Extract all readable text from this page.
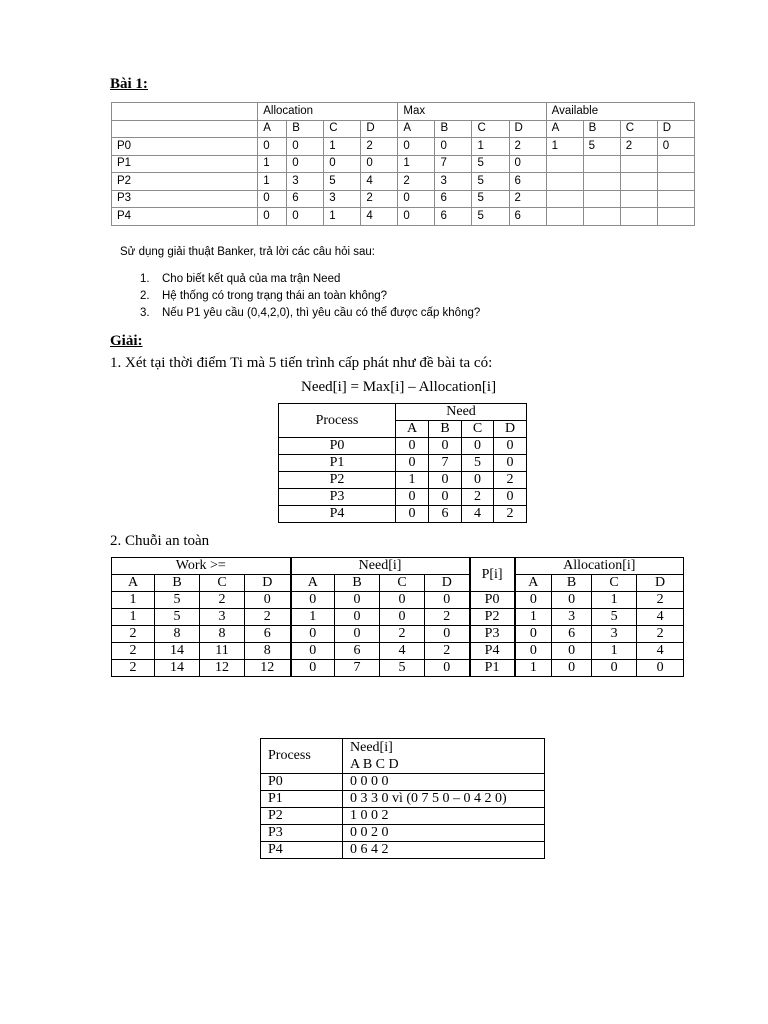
Bài 1:
	Allocation				Max				Available			
	A	B	C	D	A	B	C	D	A	B	C	D
P0	0	0	1	2	0	0	1	2	1	5	2	0
P1	1	0	0	0	1	7	5	0				
P2	1	3	5	4	2	3	5	6				
P3	0	6	3	2	0	6	5	2				
P4	0	0	1	4	0	6	5	6				
Sử dụng giải thuật Banker, trả lời các câu hỏi sau:
1. Cho biết kết quả của ma trận Need
2. Hệ thống có trong trạng thái an toàn không?
3. Nếu P1 yêu cầu (0,4,2,0), thì yêu cầu có thể được cấp không?
Giải:
1. Xét tại thời điểm Ti mà 5 tiến trình cấp phát như đề bài ta có:
Need[i] = Max[i] – Allocation[i]
Process	Need			
	A	B	C	D
P0	0	0	0	0
P1	0	7	5	0
P2	1	0	0	2
P3	0	0	2	0
P4	0	6	4	2
2. Chuỗi an toàn
Work >=				Need[i]				P[i]	Allocation[i]			
A	B	C	D	A	B	C	D		A	B	C	D
1	5	2	0	0	0	0	0	P0	0	0	1	2
1	5	3	2	1	0	0	2	P2	1	3	5	4
2	8	8	6	0	0	2	0	P3	0	6	3	2
2	14	11	8	0	6	4	2	P4	0	0	1	4
2	14	12	12	0	7	5	0	P1	1	0	0	0
Process	Need[i]
A B C D

P0	0 0 0 0
P1	0 3 3 0 vì (0 7 5 0 – 0 4 2 0)
P2	1 0 0 2
P3	0 0 2 0
P4	0 6 4 2
